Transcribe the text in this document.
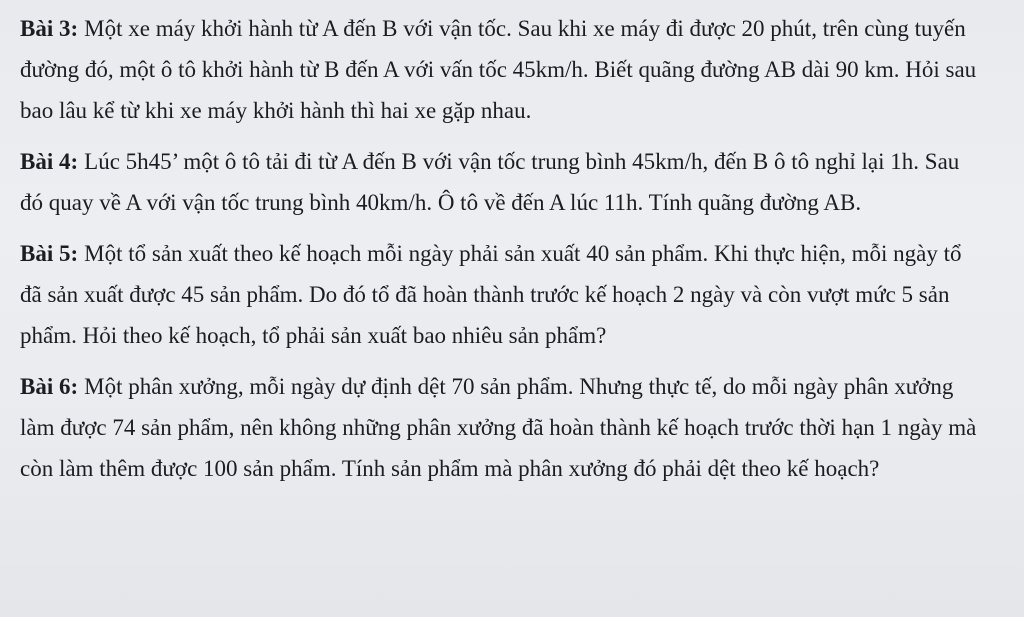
Bài 3: Một xe máy khởi hành từ A đến B với vận tốc. Sau khi xe máy đi được 20 phút, trên cùng tuyến đường đó, một ô tô khởi hành từ B đến A với vấn tốc 45km/h. Biết quãng đường AB dài 90 km. Hỏi sau bao lâu kể từ khi xe máy khởi hành thì hai xe gặp nhau.

Bài 4: Lúc 5h45’ một ô tô tải đi từ A đến B với vận tốc trung bình 45km/h, đến B ô tô nghỉ lại 1h. Sau đó quay về A với vận tốc trung bình 40km/h. Ô tô về đến A lúc 11h. Tính quãng đường AB.

Bài 5: Một tổ sản xuất theo kế hoạch mỗi ngày phải sản xuất 40 sản phẩm. Khi thực hiện, mỗi ngày tổ đã sản xuất được 45 sản phẩm. Do đó tổ đã hoàn thành trước kế hoạch 2 ngày và còn vượt mức 5 sản phẩm. Hỏi theo kế hoạch, tổ phải sản xuất bao nhiêu sản phẩm?

Bài 6: Một phân xưởng, mỗi ngày dự định dệt 70 sản phẩm. Nhưng thực tế, do mỗi ngày phân xưởng làm được 74 sản phẩm, nên không những phân xưởng đã hoàn thành kế hoạch trước thời hạn 1 ngày mà còn làm thêm được 100 sản phẩm. Tính sản phẩm mà phân xưởng đó phải dệt theo kế hoạch?
